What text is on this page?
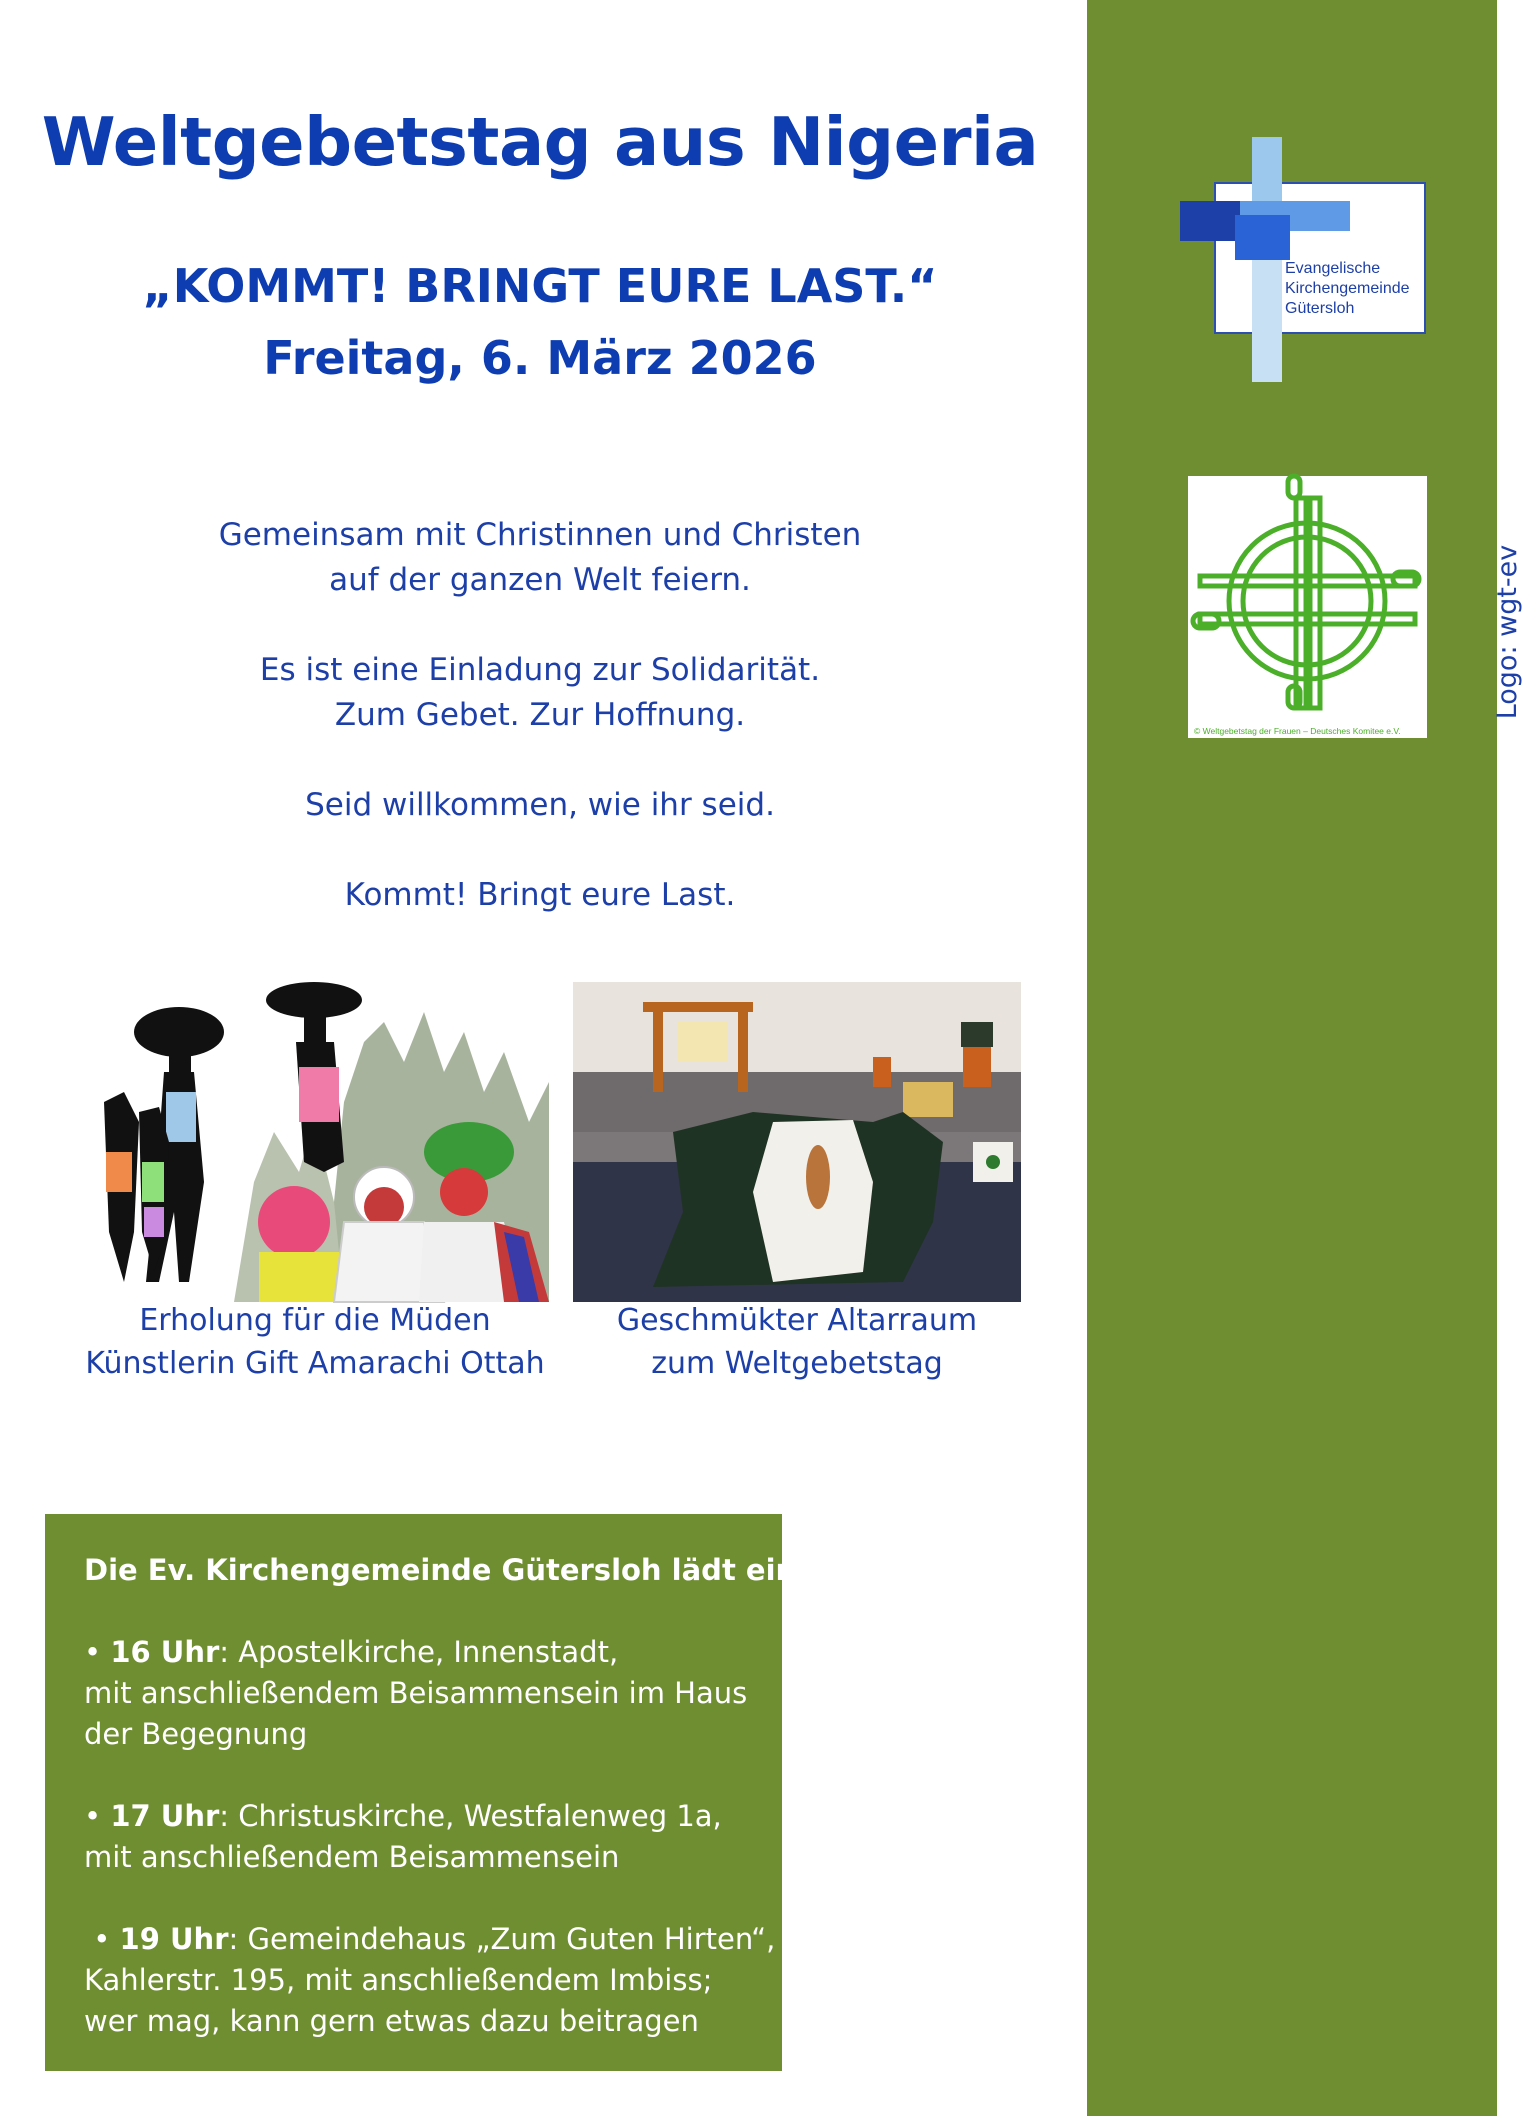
Weltgebetstag aus Nigeria
„KOMMT! BRINGT EURE LAST.“
Freitag, 6. März 2026
Gemeinsam mit Christinnen und Christen
auf der ganzen Welt feiern.
Es ist eine Einladung zur Solidarität.
Zum Gebet. Zur Hoffnung.
Seid willkommen, wie ihr seid.
Kommt! Bringt eure Last.
Erholung für die Müden
Künstlerin Gift Amarachi Ottah
Geschmükter Altarraum
zum Weltgebetstag
Die Ev. Kirchengemeinde Gütersloh lädt ein
• 16 Uhr: Apostelkirche, Innenstadt,
mit anschließendem Beisammensein im Haus
der Begegnung
• 17 Uhr: Christuskirche, Westfalenweg 1a,
mit anschließendem Beisammensein
• 19 Uhr: Gemeindehaus „Zum Guten Hirten“,
Kahlerstr. 195, mit anschließendem Imbiss;
wer mag, kann gern etwas dazu beitragen
Evangelische
Kirchengemeinde
Gütersloh
© Weltgebetstag der Frauen – Deutsches Komitee e.V.
Logo: wgt-ev
